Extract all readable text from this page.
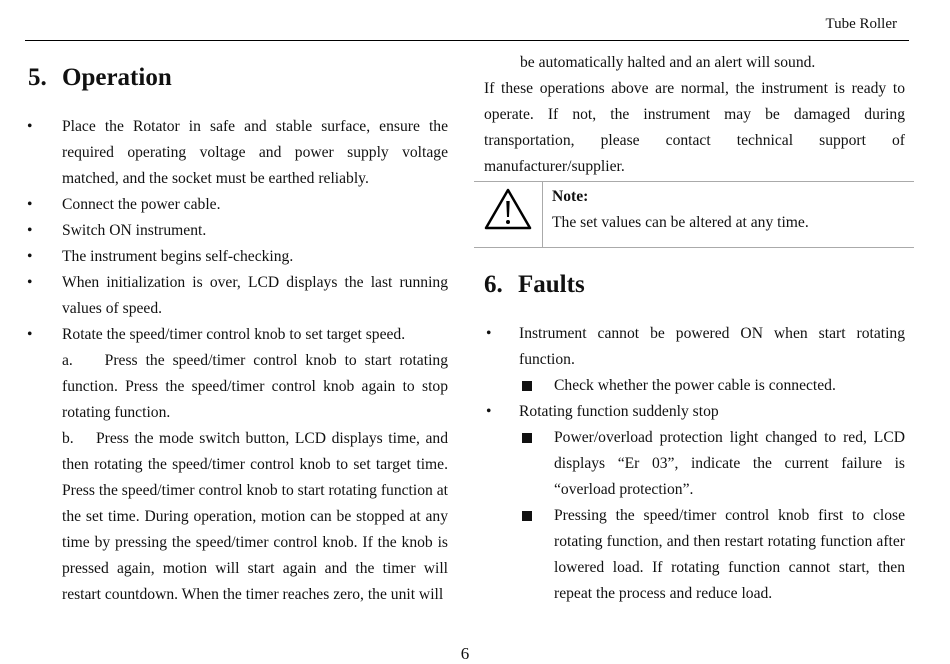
Tube Roller
5. Operation
• Place the Rotator in safe and stable surface, ensure the required operating voltage and power supply voltage matched, and the socket must be earthed reliably.
• Connect the power cable.
• Switch ON instrument.
• The instrument begins self-checking.
• When initialization is over, LCD displays the last running values of speed.
• Rotate the speed/timer control knob to set target speed.

a.    Press the speed/timer control knob to start rotating function. Press the speed/timer control knob again to stop rotating function.

b.    Press the mode switch button, LCD displays time, and then rotating the speed/timer control knob to set target time. Press the speed/timer control knob to start rotating function at the set time. During operation, motion can be stopped at any time by pressing the speed/timer control knob. If the knob is pressed again, motion will start again and the timer will restart countdown. When the timer reaches zero, the unit will

be automatically halted and an alert will sound.

If these operations above are normal, the instrument is ready to operate. If not, the instrument may be damaged during transportation, please contact technical support of manufacturer/supplier.

Note:
The set values can be altered at any time.
6. Faults
• Instrument cannot be powered ON when start rotating function.
Check whether the power cable is connected.
• Rotating function suddenly stop
Power/overload protection light changed to red, LCD displays “Er 03”, indicate the current failure is “overload protection”.
Pressing the speed/timer control knob first to close rotating function, and then restart rotating function after lowered load. If rotating function cannot start, then repeat the process and reduce load.
6
